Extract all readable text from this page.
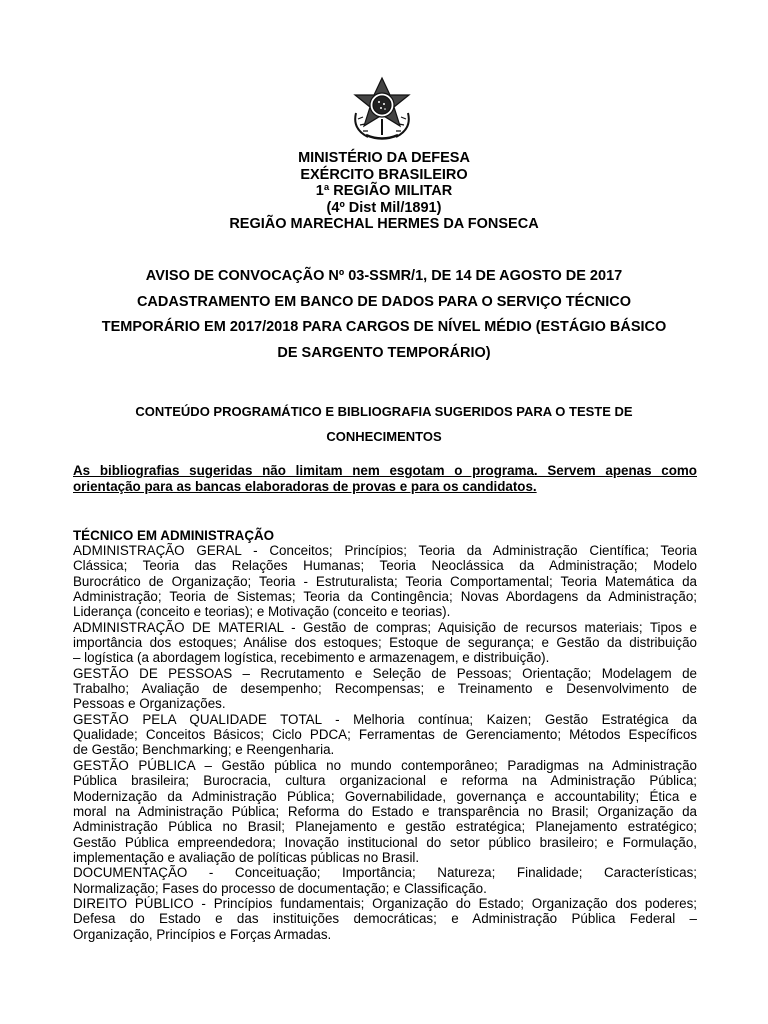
MINISTÉRIO DA DEFESA
EXÉRCITO BRASILEIRO
1ª REGIÃO MILITAR
(4º Dist Mil/1891)
REGIÃO MARECHAL HERMES DA FONSECA
AVISO DE CONVOCAÇÃO Nº 03-SSMR/1, DE 14 DE AGOSTO DE 2017
CADASTRAMENTO EM BANCO DE DADOS PARA O SERVIÇO TÉCNICO
TEMPORÁRIO EM 2017/2018 PARA CARGOS DE NÍVEL MÉDIO (ESTÁGIO BÁSICO
DE SARGENTO TEMPORÁRIO)
CONTEÚDO PROGRAMÁTICO E BIBLIOGRAFIA SUGERIDOS PARA O TESTE DE
CONHECIMENTOS
As bibliografias sugeridas não limitam nem esgotam o programa. Servem apenas como
orientação para as bancas elaboradoras de provas e para os candidatos.
TÉCNICO EM ADMINISTRAÇÃO
ADMINISTRAÇÃO GERAL - Conceitos; Princípios; Teoria da Administração Científica; Teoria
Clássica; Teoria das Relações Humanas; Teoria Neoclássica da Administração; Modelo
Burocrático de Organização; Teoria - Estruturalista; Teoria Comportamental; Teoria Matemática da
Administração; Teoria de Sistemas; Teoria da Contingência; Novas Abordagens da Administração;
Liderança (conceito e teorias); e Motivação (conceito e teorias).
ADMINISTRAÇÃO DE MATERIAL - Gestão de compras; Aquisição de recursos materiais; Tipos e
importância dos estoques; Análise dos estoques; Estoque de segurança; e Gestão da distribuição
– logística (a abordagem logística, recebimento e armazenagem, e distribuição).
GESTÃO DE PESSOAS – Recrutamento e Seleção de Pessoas; Orientação; Modelagem de
Trabalho; Avaliação de desempenho; Recompensas; e Treinamento e Desenvolvimento de
Pessoas e Organizações.
GESTÃO PELA QUALIDADE TOTAL - Melhoria contínua; Kaizen; Gestão Estratégica da
Qualidade; Conceitos Básicos; Ciclo PDCA; Ferramentas de Gerenciamento; Métodos Específicos
de Gestão; Benchmarking; e Reengenharia.
GESTÃO PÚBLICA – Gestão pública no mundo contemporâneo; Paradigmas na Administração
Pública brasileira; Burocracia, cultura organizacional e reforma na Administração Pública;
Modernização da Administração Pública; Governabilidade, governança e accountability; Ética e
moral na Administração Pública; Reforma do Estado e transparência no Brasil; Organização da
Administração Pública no Brasil; Planejamento e gestão estratégica; Planejamento estratégico;
Gestão Pública empreendedora; Inovação institucional do setor público brasileiro; e Formulação,
implementação e avaliação de políticas públicas no Brasil.
DOCUMENTAÇÃO - Conceituação; Importância; Natureza; Finalidade; Características;
Normalização; Fases do processo de documentação; e Classificação.
DIREITO PÚBLICO - Princípios fundamentais; Organização do Estado; Organização dos poderes;
Defesa do Estado e das instituições democráticas; e Administração Pública Federal –
Organização, Princípios e Forças Armadas.
